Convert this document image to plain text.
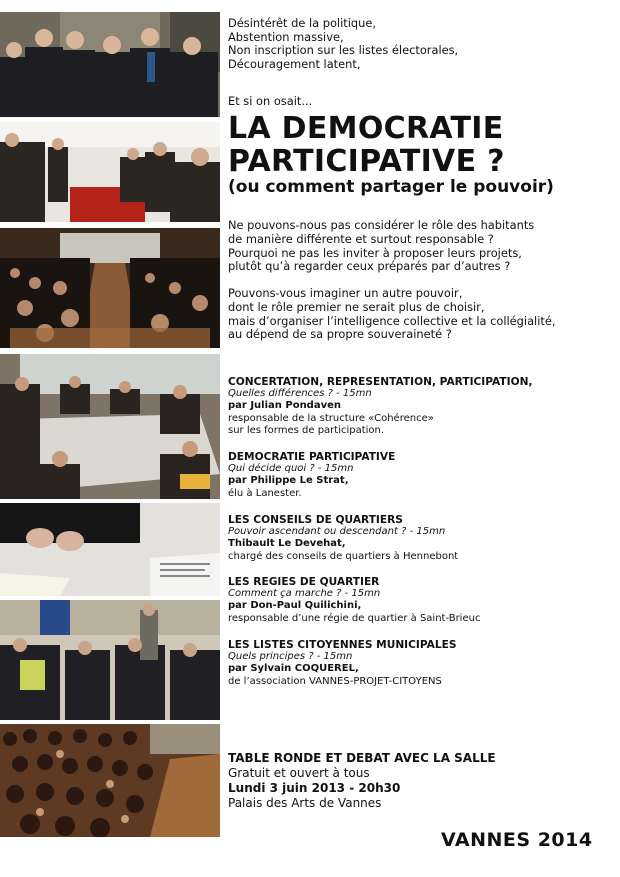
Désintérêt de la politique,
Abstention massive,
Non inscription sur les listes électorales,
Découragement latent,
Et si on osait...
LA DEMOCRATIE
PARTICIPATIVE ?
(ou comment partager le pouvoir)
Ne pouvons-nous pas considérer le rôle des habitants
de manière différente et surtout responsable ?
Pourquoi ne pas les inviter à proposer leurs projets,
plutôt qu’à regarder ceux préparés par d’autres ?
Pouvons-vous imaginer un autre pouvoir,
dont le rôle premier ne serait plus de choisir,
mais d’organiser l’intelligence collective et la collégialité,
au dépend de sa propre souveraineté ?
CONCERTATION, REPRESENTATION, PARTICIPATION,
Quelles différences ? - 15mn
par Julian Pondaven
responsable de la structure «Cohérence»
sur les formes de participation.
DEMOCRATIE PARTICIPATIVE
Qui décide quoi ? - 15mn
par Philippe Le Strat,
élu à Lanester.
LES CONSEILS DE QUARTIERS
Pouvoir ascendant ou descendant ? - 15mn
Thibault Le Devehat,
chargé des conseils de quartiers à Hennebont
LES REGIES DE QUARTIER
Comment ça marche ? - 15mn
par Don-Paul Quilichini,
responsable d’une régie de quartier à Saint-Brieuc
LES LISTES CITOYENNES MUNICIPALES
Quels principes ? - 15mn
par Sylvain COQUEREL,
de l’association VANNES-PROJET-CITOYENS
TABLE RONDE ET DEBAT AVEC LA SALLE
Gratuit et ouvert à tous
Lundi 3 juin 2013 - 20h30
Palais des Arts de Vannes
VANNES 2014
